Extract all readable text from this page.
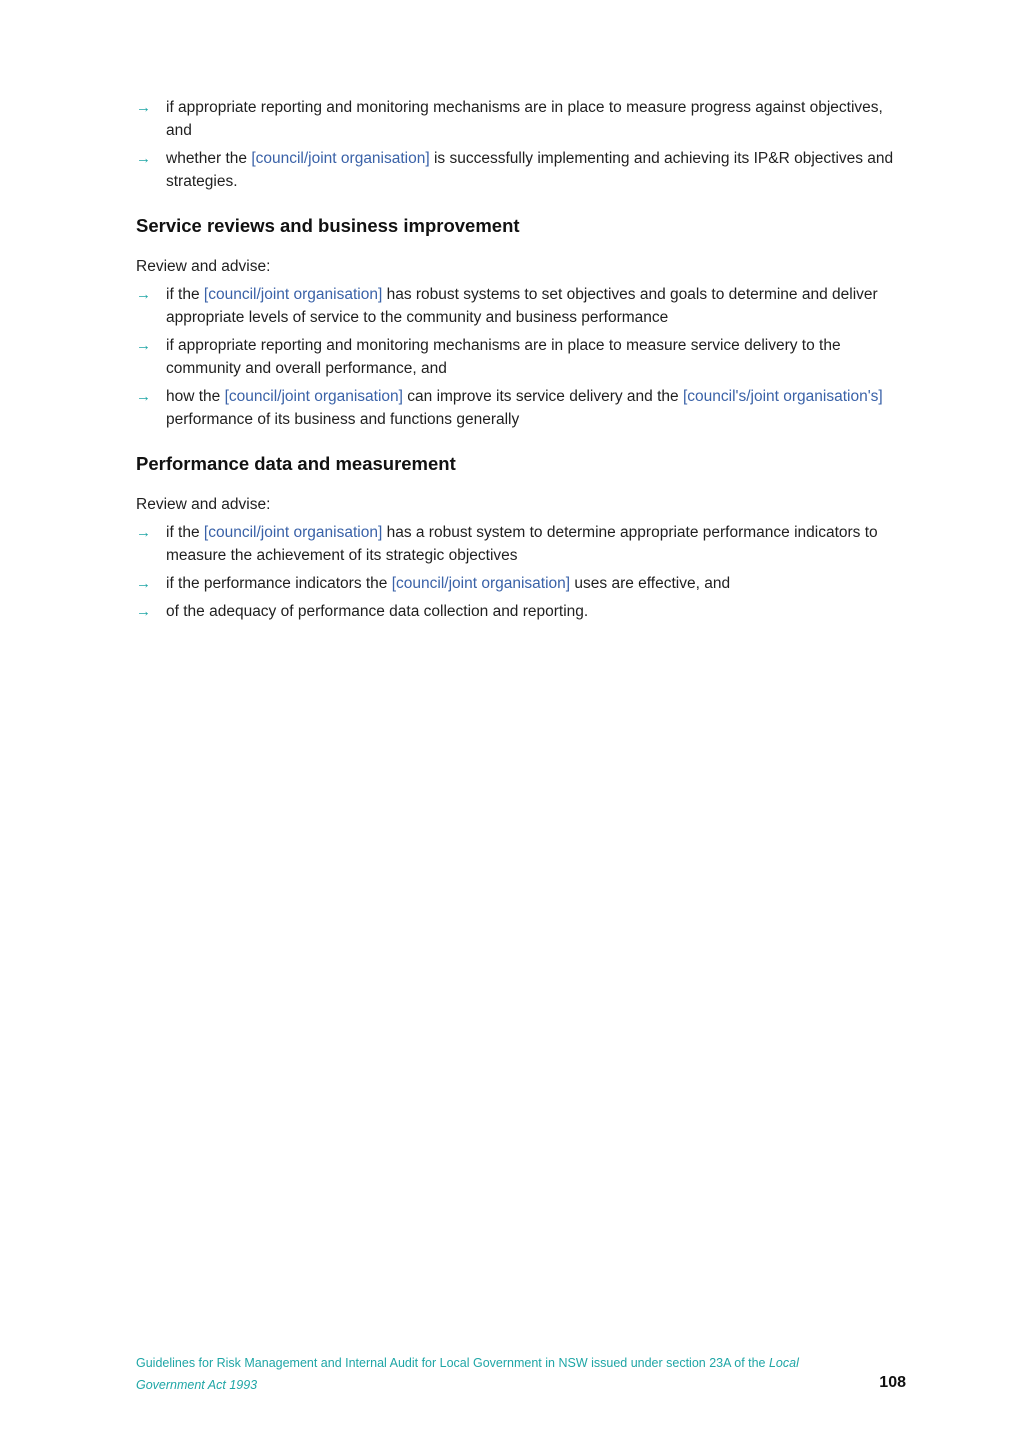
→ if appropriate reporting and monitoring mechanisms are in place to measure progress against objectives, and
→ whether the [council/joint organisation] is successfully implementing and achieving its IP&R objectives and strategies.
Service reviews and business improvement

Review and advise:

→ if the [council/joint organisation] has robust systems to set objectives and goals to determine and deliver appropriate levels of service to the community and business performance
→ if appropriate reporting and monitoring mechanisms are in place to measure service delivery to the community and overall performance, and
→ how the [council/joint organisation] can improve its service delivery and the [council's/joint organisation's] performance of its business and functions generally
Performance data and measurement

Review and advise:

→ if the [council/joint organisation] has a robust system to determine appropriate performance indicators to measure the achievement of its strategic objectives
→ if the performance indicators the [council/joint organisation] uses are effective, and
→ of the adequacy of performance data collection and reporting.
Guidelines for Risk Management and Internal Audit for Local Government in NSW issued under section 23A of the Local Government Act 1993	108
